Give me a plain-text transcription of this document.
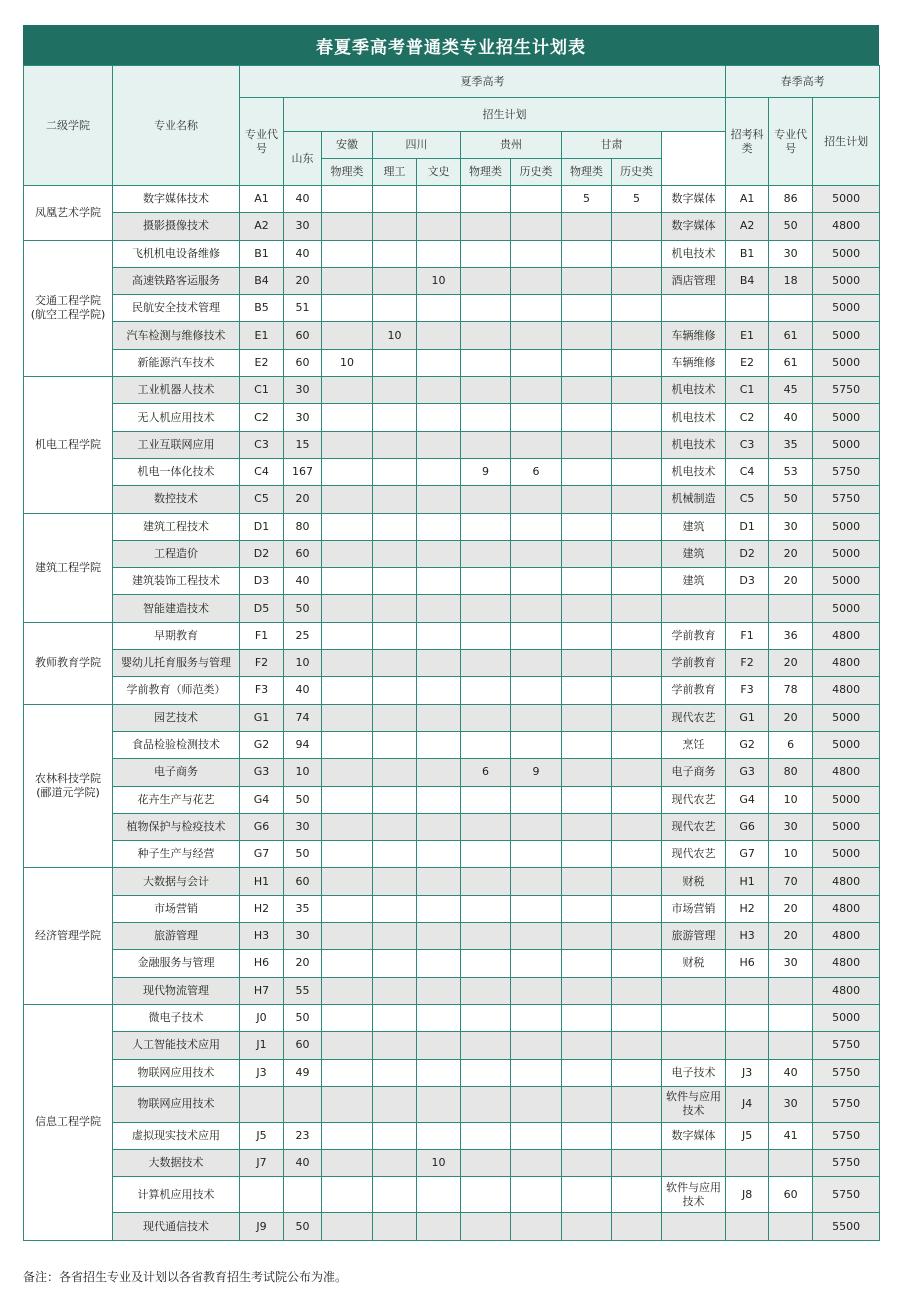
春夏季高考普通类专业招生计划表
二级学院	专业名称	夏季高考										春季高考	
		专业代号	招生计划									招考科类	专业代号	招生计划	
			山东	安徽	四川		贵州		甘肃						
				物理类	理工	文史	物理类	历史类	物理类	历史类					
凤凰艺术学院	数字媒体技术	A1	40						5	5	数字媒体	A1	86	5000	
	摄影摄像技术	A2	30								数字媒体	A2	50	4800	
交通工程学院
(航空工程学院)	飞机机电设备维修	B1	40								机电技术	B1	30	5000	
	高速铁路客运服务	B4	20			10					酒店管理	B4	18	5000	
	民航安全技术管理	B5	51											5000	
	汽车检测与维修技术	E1	60		10						车辆维修	E1	61	5000	
	新能源汽车技术	E2	60	10							车辆维修	E2	61	5000	
机电工程学院	工业机器人技术	C1	30								机电技术	C1	45	5750	
	无人机应用技术	C2	30								机电技术	C2	40	5000	
	工业互联网应用	C3	15								机电技术	C3	35	5000	
	机电一体化技术	C4	167				9	6			机电技术	C4	53	5750	
	数控技术	C5	20								机械制造	C5	50	5750	
建筑工程学院	建筑工程技术	D1	80								建筑	D1	30	5000	
	工程造价	D2	60								建筑	D2	20	5000	
	建筑装饰工程技术	D3	40								建筑	D3	20	5000	
	智能建造技术	D5	50											5000	
教师教育学院	早期教育	F1	25								学前教育	F1	36	4800	
	婴幼儿托育服务与管理	F2	10								学前教育	F2	20	4800	
	学前教育（师范类）	F3	40								学前教育	F3	78	4800	
农林科技学院
(郦道元学院)	园艺技术	G1	74								现代农艺	G1	20	5000	
	食品检验检测技术	G2	94								烹饪	G2	6	5000	
	电子商务	G3	10				6	9			电子商务	G3	80	4800	
	花卉生产与花艺	G4	50								现代农艺	G4	10	5000	
	植物保护与检疫技术	G6	30								现代农艺	G6	30	5000	
	种子生产与经营	G7	50								现代农艺	G7	10	5000	
经济管理学院	大数据与会计	H1	60								财税	H1	70	4800	
	市场营销	H2	35								市场营销	H2	20	4800	
	旅游管理	H3	30								旅游管理	H3	20	4800	
	金融服务与管理	H6	20								财税	H6	30	4800	
	现代物流管理	H7	55											4800	
信息工程学院	微电子技术	J0	50											5000	
	人工智能技术应用	J1	60											5750	
	物联网应用技术	J3	49								电子技术	J3	40	5750	
	物联网应用技术										软件与应用技术	J4	30	5750	
	虚拟现实技术应用	J5	23								数字媒体	J5	41	5750	
	大数据技术	J7	40			10								5750	
	计算机应用技术										软件与应用技术	J8	60	5750	
	现代通信技术	J9	50											5500	
备注：各省招生专业及计划以各省教育招生考试院公布为准。
